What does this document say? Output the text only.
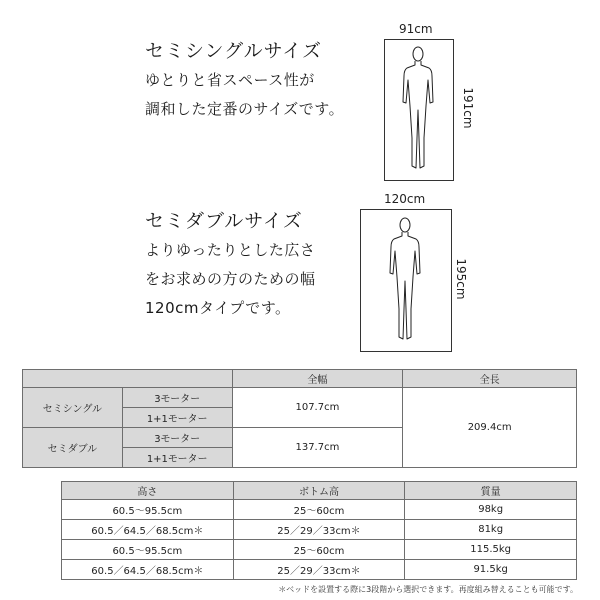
セミシングルサイズ
ゆとりと省スペース性が
調和した定番のサイズです。
91cm
191cm
セミダブルサイズ
よりゆったりとした広さ
をお求めの方のための幅
120cmタイプです。
120cm
195cm
		全幅	全長
セミシングル	3モーター	107.7cm	209.4cm
	1+1モーター		
セミダブル	3モーター	137.7cm	
	1+1モーター		
高さ	ボトム高	質量
60.5～95.5cm	25～60cm	98kg
60.5／64.5／68.5cm＊	25／29／33cm＊	81kg
60.5～95.5cm	25～60cm	115.5kg
60.5／64.5／68.5cm＊	25／29／33cm＊	91.5kg
＊ベッドを設置する際に3段階から選択できます。再度組み替えることも可能です。
